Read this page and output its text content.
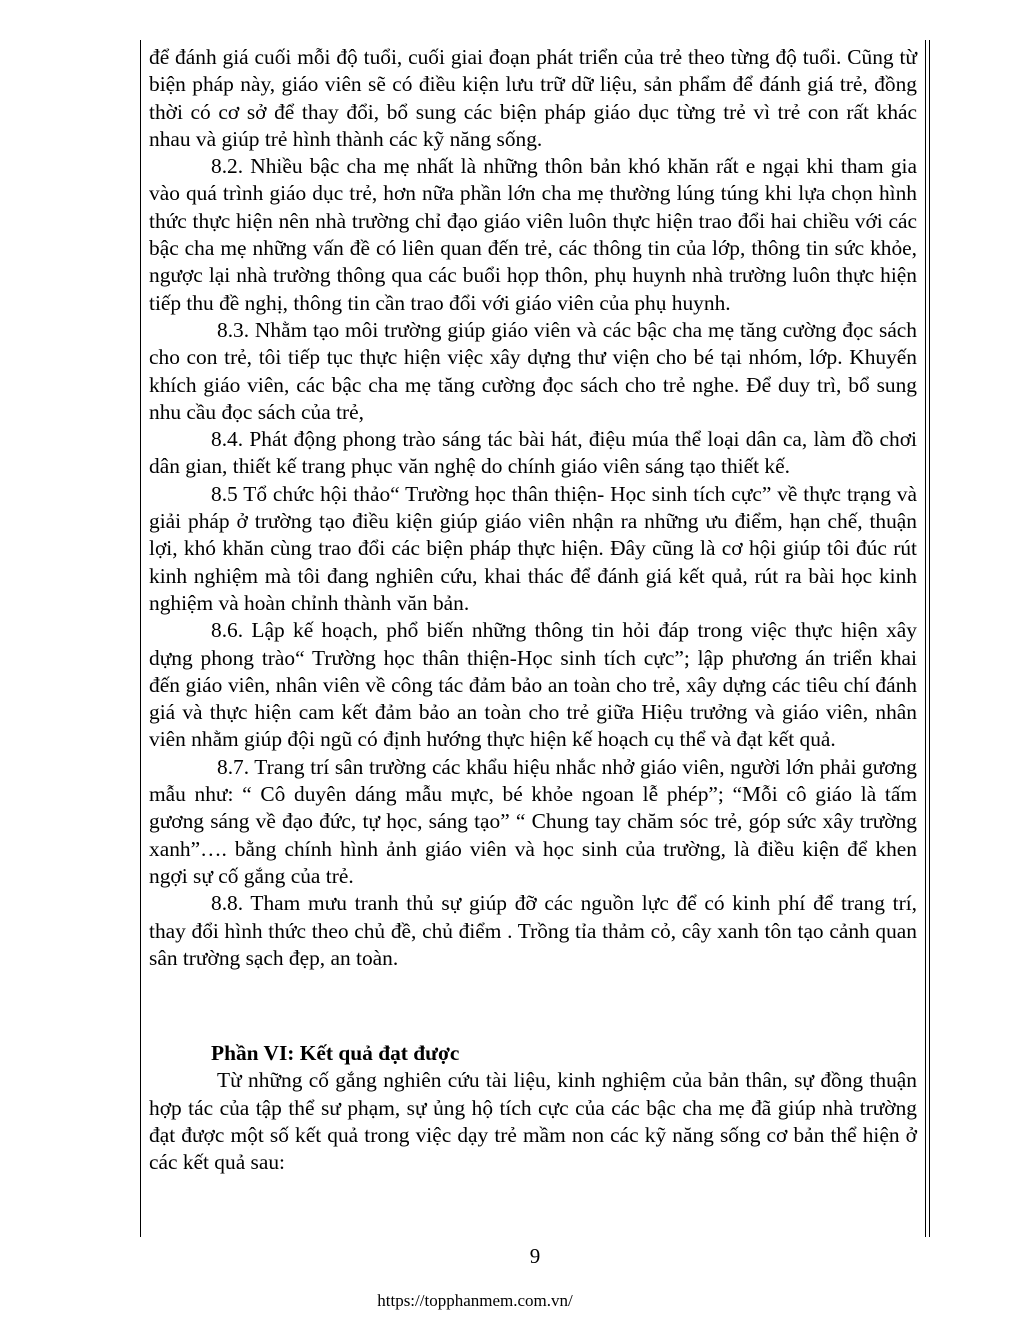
để đánh giá cuối mỗi độ tuổi, cuối giai đoạn phát triển của trẻ theo từng độ tuổi. Cũng từ biện pháp này, giáo viên sẽ có điều kiện lưu trữ dữ liệu, sản phẩm để đánh giá trẻ, đồng thời có cơ sở để thay đổi, bổ sung các biện pháp giáo dục từng trẻ vì trẻ con rất khác nhau và giúp trẻ hình thành các kỹ năng sống.

8.2. Nhiều bậc cha mẹ nhất là những thôn bản khó khăn rất e ngại khi tham gia vào quá trình giáo dục trẻ, hơn nữa phần lớn cha mẹ thường lúng túng khi lựa chọn hình thức thực hiện nên nhà trường chỉ đạo giáo viên luôn thực hiện trao đổi hai chiều với các bậc cha mẹ những vấn đề có liên quan đến trẻ, các thông tin của lớp, thông tin sức khỏe, ngược lại nhà trường thông qua các buổi họp thôn, phụ huynh nhà trường luôn thực hiện tiếp thu đề nghị, thông tin cần trao đổi với giáo viên của phụ huynh.

8.3. Nhằm tạo môi trường giúp giáo viên và các bậc cha mẹ tăng cường đọc sách cho con trẻ, tôi tiếp tục thực hiện việc xây dựng thư viện cho bé tại nhóm, lớp. Khuyến khích giáo viên, các bậc cha mẹ tăng cường đọc sách cho trẻ nghe. Để duy trì, bổ sung nhu cầu đọc sách của trẻ,

8.4. Phát động phong trào sáng tác bài hát, điệu múa thể loại dân ca, làm đồ chơi dân gian, thiết kế trang phục văn nghệ do chính giáo viên sáng tạo thiết kế.

8.5 Tổ chức hội thảo“ Trường học thân thiện- Học sinh tích cực” về thực trạng và giải pháp ở trường tạo điều kiện giúp giáo viên nhận ra những ưu điểm, hạn chế, thuận lợi, khó khăn cùng trao đổi các biện pháp thực hiện. Đây cũng là cơ hội giúp tôi đúc rút kinh nghiệm mà tôi đang nghiên cứu, khai thác để đánh giá kết quả, rút ra bài học kinh nghiệm và hoàn chỉnh thành văn bản.

8.6. Lập kế hoạch, phổ biến những thông tin hỏi đáp trong việc thực hiện xây dựng phong trào“ Trường học thân thiện-Học sinh tích cực”; lập phương án triển khai đến giáo viên, nhân viên về công tác đảm bảo an toàn cho trẻ, xây dựng các tiêu chí đánh giá và thực hiện cam kết đảm bảo an toàn cho trẻ giữa Hiệu trưởng và giáo viên, nhân viên nhằm giúp đội ngũ có định hướng thực hiện kế hoạch cụ thể và đạt kết quả.

8.7. Trang trí sân trường các khẩu hiệu nhắc nhở giáo viên, người lớn phải gương mẫu như: “ Cô duyên dáng mẫu mực, bé khỏe ngoan lễ phép”; “Mỗi cô giáo là tấm gương sáng về đạo đức, tự học, sáng tạo” “ Chung tay chăm sóc trẻ, góp sức xây trường xanh”…. bằng chính hình ảnh giáo viên và học sinh của trường, là điều kiện để khen ngợi sự cố gắng của trẻ.

8.8. Tham mưu tranh thủ sự giúp đỡ các nguồn lực để có kinh phí để trang trí, thay đổi hình thức theo chủ đề, chủ điểm . Trồng tỉa thảm cỏ, cây xanh tôn tạo cảnh quan sân trường sạch đẹp, an toàn.

Phần VI: Kết quả đạt được

Từ những cố gắng nghiên cứu tài liệu, kinh nghiệm của bản thân, sự đồng thuận hợp tác của tập thể sư phạm, sự ủng hộ tích cực của các bậc cha mẹ đã giúp nhà trường đạt được một số kết quả trong việc dạy trẻ mầm non các kỹ năng sống cơ bản thể hiện ở các kết quả sau:

9
https://topphanmem.com.vn/
